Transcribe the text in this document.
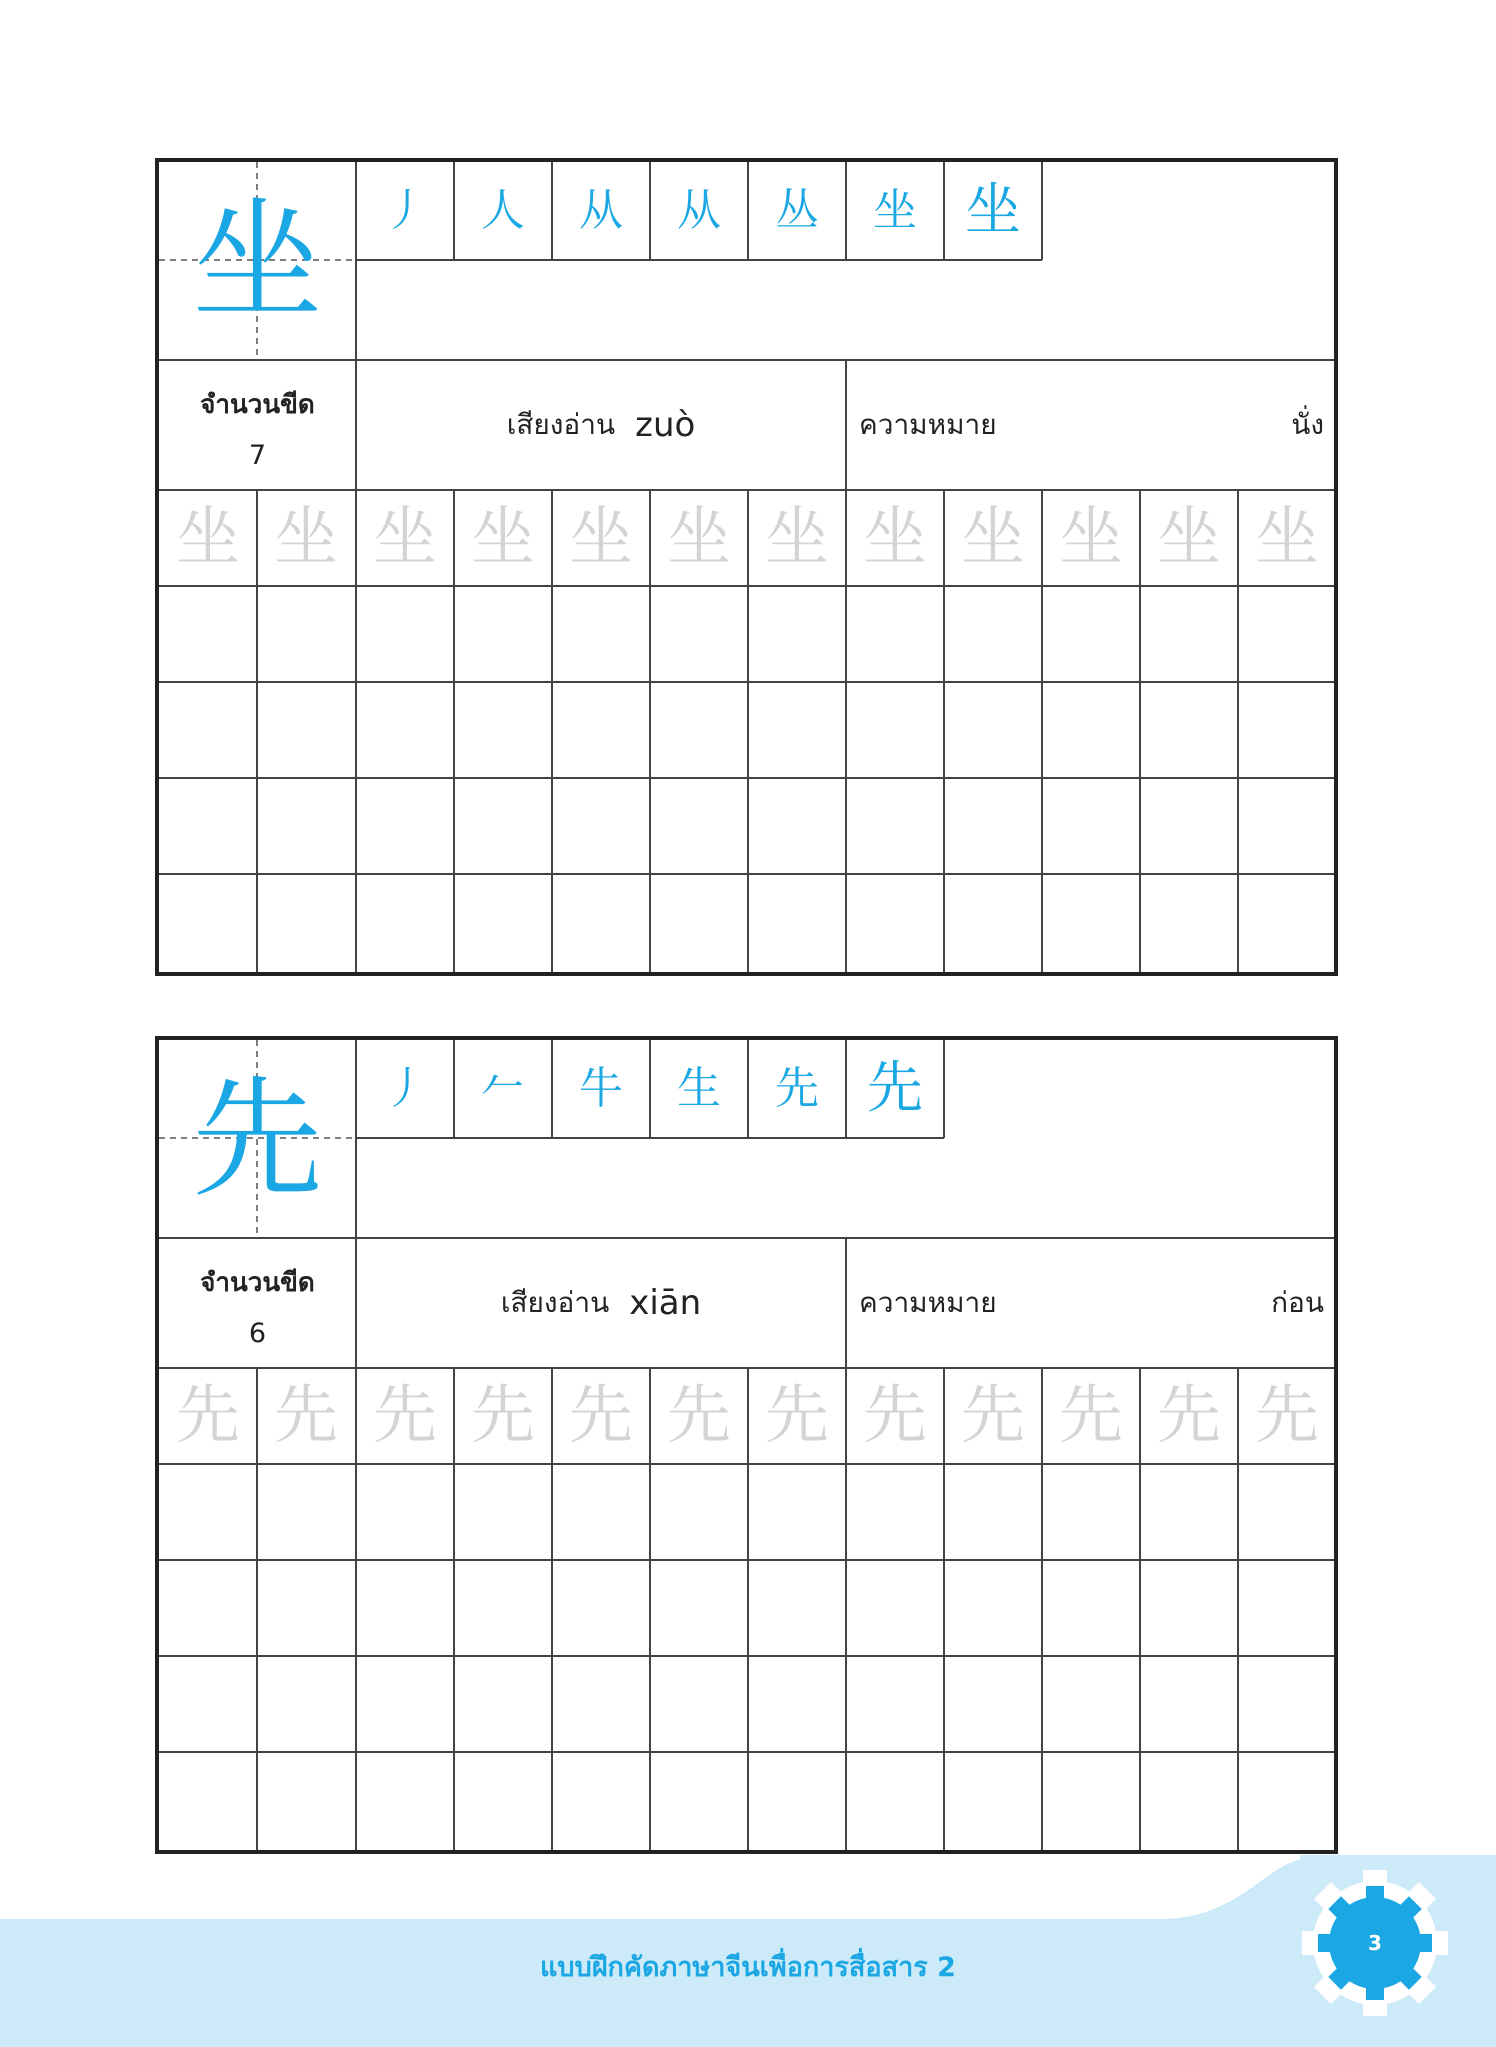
坐	丿	人	从	从	丛	坐 坐
จำนวนขีด
7
เสียงอ่าน zuò	ความหมาย	นั่ง
坐 坐 坐 坐 坐 坐 坐 坐 坐 坐 坐 坐
先	丿	𠂉	牛	生	先 先
จำนวนขีด
6
เสียงอ่าน xiān	ความหมาย	ก่อน
先 先 先 先 先 先 先 先 先 先 先 先
3
แบบฝึกคัดภาษาจีนเพื่อการสื่อสาร 2
